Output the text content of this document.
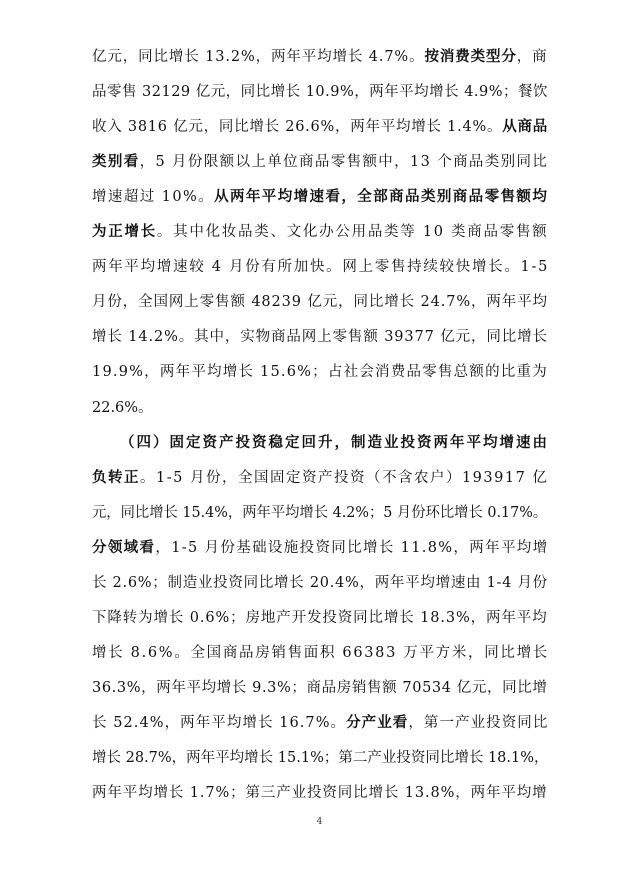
亿元，同比增长 13.2%，两年平均增长 4.7%。按消费类型分，商
品零售 32129 亿元，同比增长 10.9%，两年平均增长 4.9%；餐饮
收入 3816 亿元，同比增长 26.6%，两年平均增长 1.4%。从商品
类别看，5 月份限额以上单位商品零售额中，13 个商品类别同比
增速超过 10%。从两年平均增速看，全部商品类别商品零售额均
为正增长。其中化妆品类、文化办公用品类等 10 类商品零售额
两年平均增速较 4 月份有所加快。网上零售持续较快增长。1-5
月份，全国网上零售额 48239 亿元，同比增长 24.7%，两年平均
增长 14.2%。其中，实物商品网上零售额 39377 亿元，同比增长
19.9%，两年平均增长 15.6%；占社会消费品零售总额的比重为
22.6%。
（四）固定资产投资稳定回升，制造业投资两年平均增速由
负转正。1-5 月份，全国固定资产投资（不含农户）193917 亿
元，同比增长 15.4%，两年平均增长 4.2%；5 月份环比增长 0.17%。
分领域看，1-5 月份基础设施投资同比增长 11.8%，两年平均增
长 2.6%；制造业投资同比增长 20.4%，两年平均增速由 1-4 月份
下降转为增长 0.6%；房地产开发投资同比增长 18.3%，两年平均
增长 8.6%。全国商品房销售面积 66383 万平方米，同比增长
36.3%，两年平均增长 9.3%；商品房销售额 70534 亿元，同比增
长 52.4%，两年平均增长 16.7%。分产业看，第一产业投资同比
增长 28.7%，两年平均增长 15.1%；第二产业投资同比增长 18.1%，
两年平均增长 1.7%；第三产业投资同比增长 13.8%，两年平均增
4
